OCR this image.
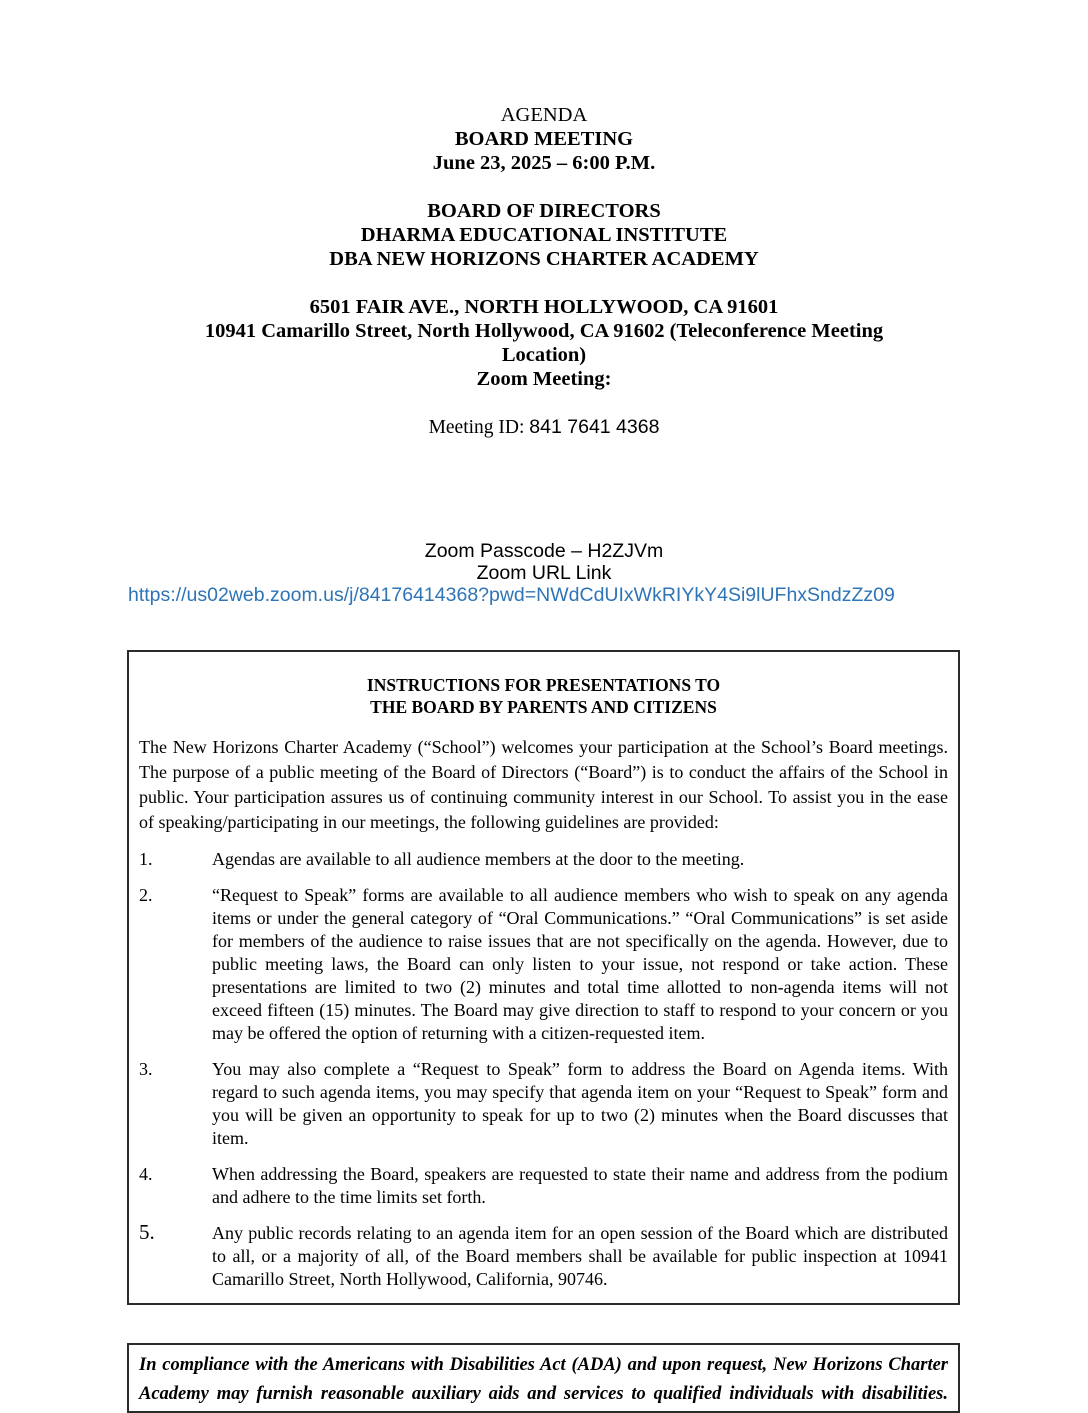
AGENDA
BOARD MEETING
June 23, 2025 – 6:00 P.M.
BOARD OF DIRECTORS
DHARMA EDUCATIONAL INSTITUTE
DBA NEW HORIZONS CHARTER ACADEMY
6501 FAIR AVE., NORTH HOLLYWOOD, CA 91601
10941 Camarillo Street, North Hollywood, CA 91602 (Teleconference Meeting Location)
Zoom Meeting:
Meeting ID: 841 7641 4368
Zoom Passcode – H2ZJVm
Zoom URL Link
https://us02web.zoom.us/j/84176414368?pwd=NWdCdUIxWkRIYkY4Si9lUFhxSndzZz09
INSTRUCTIONS FOR PRESENTATIONS TO
THE BOARD BY PARENTS AND CITIZENS
The New Horizons Charter Academy (“School”) welcomes your participation at the School’s Board meetings. The purpose of a public meeting of the Board of Directors (“Board”) is to conduct the affairs of the School in public. Your participation assures us of continuing community interest in our School. To assist you in the ease of speaking/participating in our meetings, the following guidelines are provided:
1.	Agendas are available to all audience members at the door to the meeting.
2.	“Request to Speak” forms are available to all audience members who wish to speak on any agenda items or under the general category of “Oral Communications.” “Oral Communications” is set aside for members of the audience to raise issues that are not specifically on the agenda. However, due to public meeting laws, the Board can only listen to your issue, not respond or take action. These presentations are limited to two (2) minutes and total time allotted to non-agenda items will not exceed fifteen (15) minutes. The Board may give direction to staff to respond to your concern or you may be offered the option of returning with a citizen-requested item.
3.	You may also complete a “Request to Speak” form to address the Board on Agenda items. With regard to such agenda items, you may specify that agenda item on your “Request to Speak” form and you will be given an opportunity to speak for up to two (2) minutes when the Board discusses that item.
4.	When addressing the Board, speakers are requested to state their name and address from the podium and adhere to the time limits set forth.
5.	Any public records relating to an agenda item for an open session of the Board which are distributed to all, or a majority of all, of the Board members shall be available for public inspection at 10941 Camarillo Street, North Hollywood, California, 90746.
In compliance with the Americans with Disabilities Act (ADA) and upon request, New Horizons Charter Academy may furnish reasonable auxiliary aids and services to qualified individuals with disabilities.
